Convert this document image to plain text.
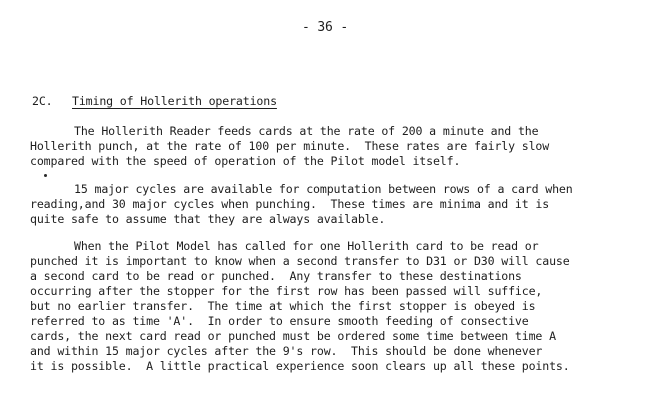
- 36 -
2C. Timing of Hollerith operations
The Hollerith Reader feeds cards at the rate of 200 a minute and the
Hollerith punch, at the rate of 100 per minute.  These rates are fairly slow
compared with the speed of operation of the Pilot model itself.
15 major cycles are available for computation between rows of a card when
reading,and 30 major cycles when punching.  These times are minima and it is
quite safe to assume that they are always available.
When the Pilot Model has called for one Hollerith card to be read or
punched it is important to know when a second transfer to D31 or D30 will cause
a second card to be read or punched.  Any transfer to these destinations
occurring after the stopper for the first row has been passed will suffice,
but no earlier transfer.  The time at which the first stopper is obeyed is
referred to as time 'A'.  In order to ensure smooth feeding of consective
cards, the next card read or punched must be ordered some time between time A
and within 15 major cycles after the 9's row.  This should be done whenever
it is possible.  A little practical experience soon clears up all these points.
